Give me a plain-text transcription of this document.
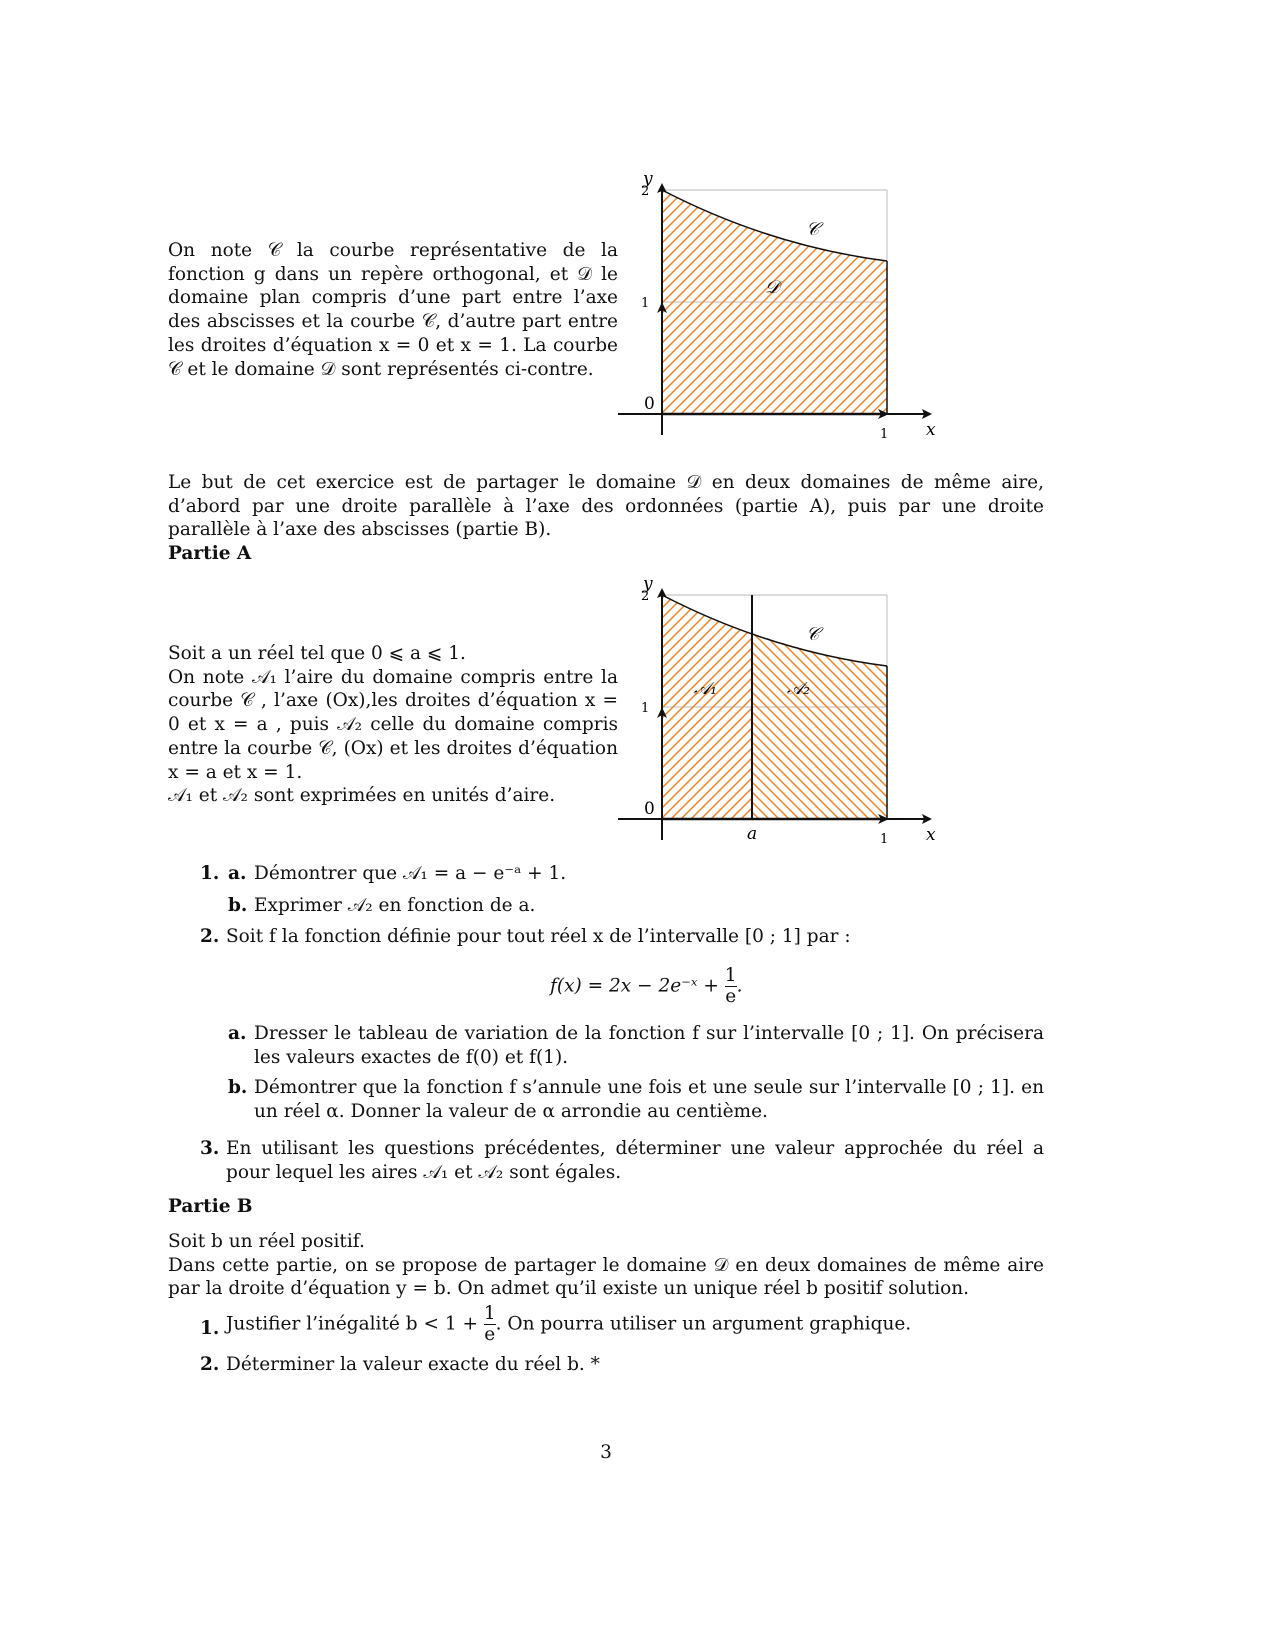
On note 𝒞 la courbe représentative de la fonction g dans un repère orthogonal, et 𝒟 le domaine plan compris d’une part entre l’axe des abscisses et la courbe 𝒞, d’autre part entre les droites d’équation x = 0 et x = 1. La courbe 𝒞 et le domaine 𝒟 sont représentés ci-contre.

y
2
1
0
1 x
𝒞
𝒟

Le but de cet exercice est de partager le domaine 𝒟 en deux domaines de même aire, d’abord par une droite parallèle à l’axe des ordonnées (partie A), puis par une droite parallèle à l’axe des abscisses (partie B).

Partie A

Soit a un réel tel que 0 ⩽ a ⩽ 1.

On note 𝒜₁ l’aire du domaine compris entre la courbe 𝒞 , l’axe (Ox),les droites d’équation x = 0 et x = a , puis 𝒜₂ celle du domaine compris entre la courbe 𝒞, (Ox) et les droites d’équation x = a et x = 1.

𝒜₁ et 𝒜₂ sont exprimées en unités d’aire.

y
2
1
0
a	1 x
𝒞
𝒜₁	𝒜₂
1. a. Démontrer que 𝒜₁ = a − e⁻ᵃ + 1.
b. Exprimer 𝒜₂ en fonction de a.
2. Soit f la fonction définie pour tout réel x de l’intervalle [0 ; 1] par :
f(x) = 2x − 2e⁻ˣ + $\frac{1}{e}$ .
a. Dresser le tableau de variation de la fonction f sur l’intervalle [0 ; 1]. On précisera les valeurs exactes de f(0) et f(1).

b. Démontrer que la fonction f s’annule une fois et une seule sur l’intervalle [0 ; 1]. en un réel α. Donner la valeur de α arrondie au centième.

3. En utilisant les questions précédentes, déterminer une valeur approchée du réel a pour lequel les aires 𝒜₁ et 𝒜₂ sont égales.

Partie B

Soit b un réel positif.

Dans cette partie, on se propose de partager le domaine 𝒟 en deux domaines de même aire par la droite d’équation y = b. On admet qu’il existe un unique réel b positif solution.

1. Justifier l’inégalité $b < 1 + \frac{1}{e}$ . On pourra utiliser un argument graphique.
2. Déterminer la valeur exacte du réel b. *

3
